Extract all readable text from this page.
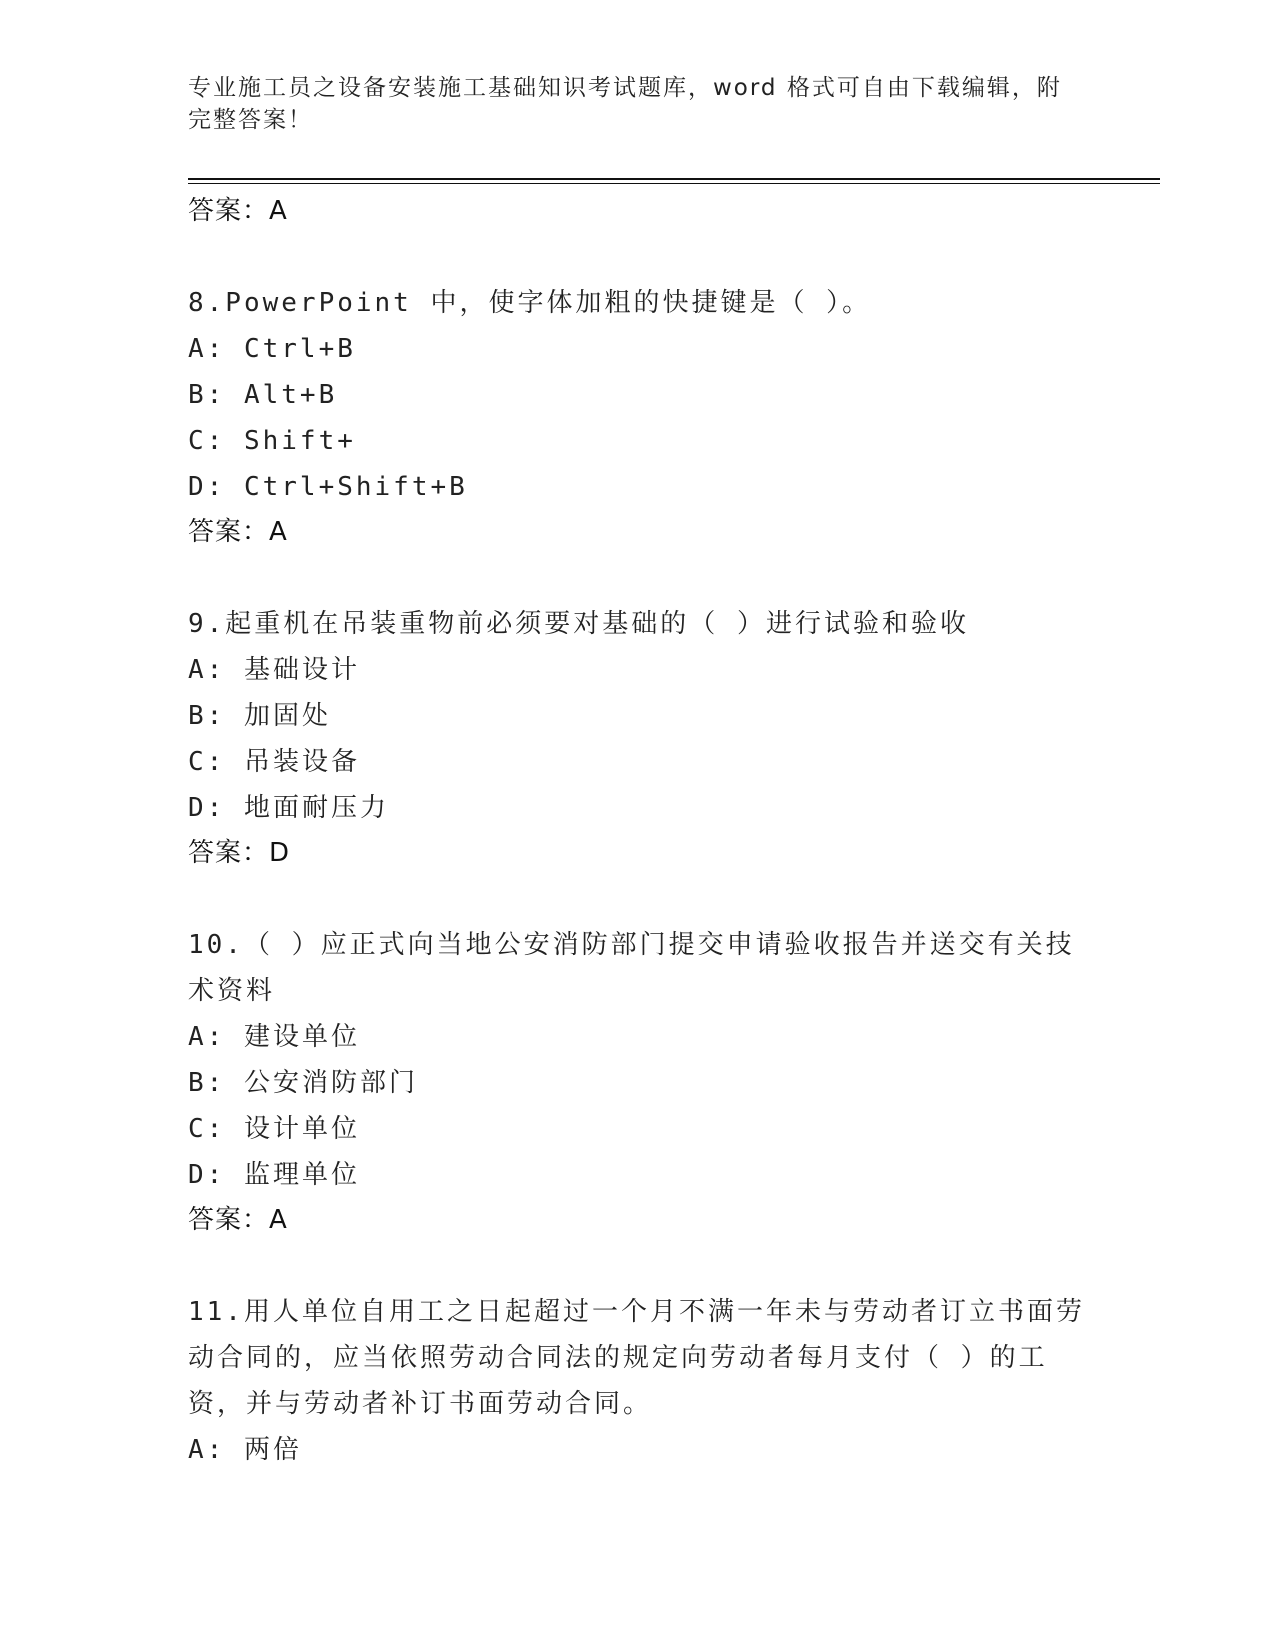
专业施工员之设备安装施工基础知识考试题库，word 格式可自由下载编辑，附完整答案！
答案：A
8.PowerPoint 中，使字体加粗的快捷键是（ ）。
A: Ctrl+B
B: Alt+B
C: Shift+
D: Ctrl+Shift+B
答案：A
9.起重机在吊装重物前必须要对基础的（ ）进行试验和验收
A: 基础设计
B: 加固处
C: 吊装设备
D: 地面耐压力
答案：D
10.（ ）应正式向当地公安消防部门提交申请验收报告并送交有关技术资料
A: 建设单位
B: 公安消防部门
C: 设计单位
D: 监理单位
答案：A
11.用人单位自用工之日起超过一个月不满一年未与劳动者订立书面劳动合同的，应当依照劳动合同法的规定向劳动者每月支付（ ）的工资，并与劳动者补订书面劳动合同。
A: 两倍
